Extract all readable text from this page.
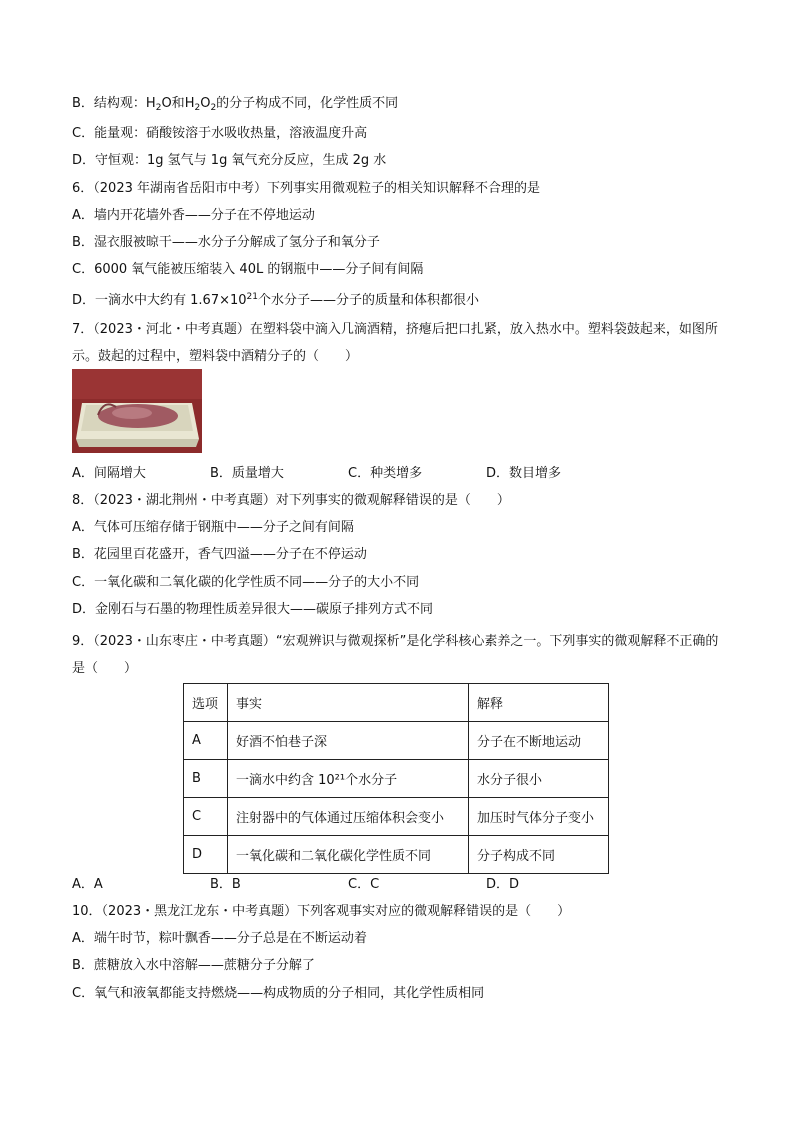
B．结构观：$H_2O$和$H_2O_2$的分子构成不同，化学性质不同
C．能量观：硝酸铵溶于水吸收热量，溶液温度升高
D．守恒观：1g 氢气与 1g 氧气充分反应，生成 2g 水
6．（2023 年湖南省岳阳市中考）下列事实用微观粒子的相关知识解释不合理的是
A．墙内开花墙外香——分子在不停地运动
B．湿衣服被晾干——水分子分解成了氢分子和氧分子
C．6000 氧气能被压缩装入 40L 的钢瓶中——分子间有间隔
D．一滴水中大约有 $1.67\times 10^{21}$个水分子——分子的质量和体积都很小
7．（2023・河北・中考真题）在塑料袋中滴入几滴酒精，挤瘪后把口扎紧，放入热水中。塑料袋鼓起来，如图所示。鼓起的过程中，塑料袋中酒精分子的（　　）
A．间隔增大	B．质量增大	C．种类增多	D．数目增多
8．（2023・湖北荆州・中考真题）对下列事实的微观解释错误的是（　　）
A．气体可压缩存储于钢瓶中——分子之间有间隔
B．花园里百花盛开，香气四溢——分子在不停运动
C．一氧化碳和二氧化碳的化学性质不同——分子的大小不同
D．金刚石与石墨的物理性质差异很大——碳原子排列方式不同
9．（2023・山东枣庄・中考真题）“宏观辨识与微观探析”是化学科核心素养之一。下列事实的微观解释不正确的是（　　）
选项	事实	解释
A	好酒不怕巷子深	分子在不断地运动
B	一滴水中约含 10²¹个水分子	水分子很小
C	注射器中的气体通过压缩体积会变小	加压时气体分子变小
D	一氧化碳和二氧化碳化学性质不同	分子构成不同
A．A	B．B	C．C	D．D
10．（2023・黑龙江龙东・中考真题）下列客观事实对应的微观解释错误的是（　　）
A．端午时节，粽叶飘香——分子总是在不断运动着
B．蔗糖放入水中溶解——蔗糖分子分解了
C．氧气和液氧都能支持燃烧——构成物质的分子相同，其化学性质相同
